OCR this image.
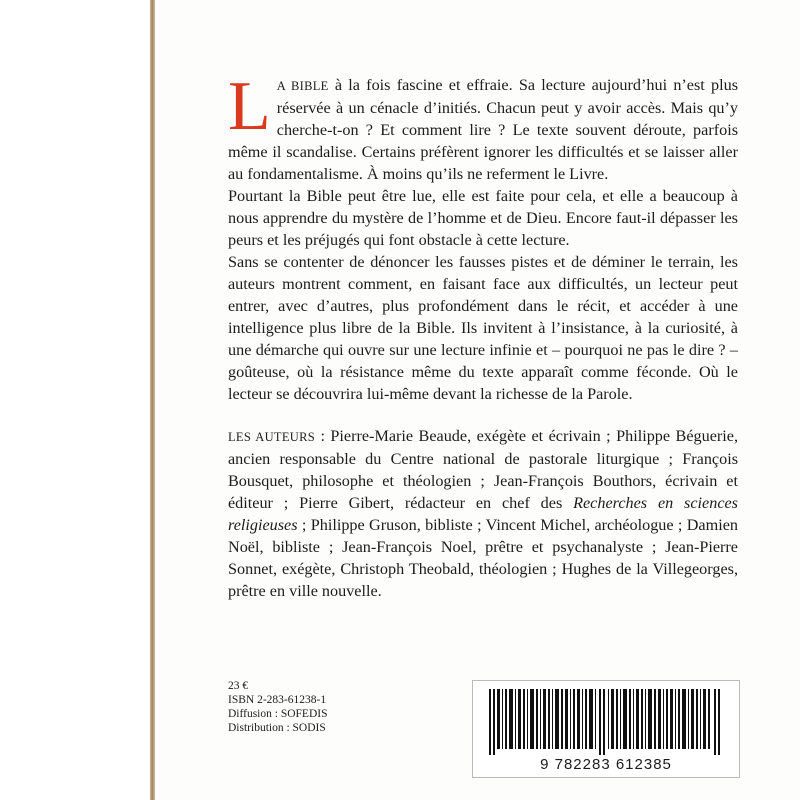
L A BIBLE à la fois fascine et effraie. Sa lecture aujourd’hui n’est plus réservée à un cénacle d’initiés. Chacun peut y avoir accès. Mais qu’y cherche-t-on ? Et comment lire ? Le texte souvent déroute, parfois même il scandalise. Certains préfèrent ignorer les difficultés et se laisser aller au fondamentalisme. À moins qu’ils ne referment le Livre.

Pourtant la Bible peut être lue, elle est faite pour cela, et elle a beaucoup à nous apprendre du mystère de l’homme et de Dieu. Encore faut-il dépasser les peurs et les préjugés qui font obstacle à cette lecture.

Sans se contenter de dénoncer les fausses pistes et de déminer le terrain, les auteurs montrent comment, en faisant face aux difficultés, un lecteur peut entrer, avec d’autres, plus profondément dans le récit, et accéder à une intelligence plus libre de la Bible. Ils invitent à l’insistance, à la curiosité, à une démarche qui ouvre sur une lecture infinie et – pourquoi ne pas le dire ? – goûteuse, où la résistance même du texte apparaît comme féconde. Où le lecteur se découvrira lui-même devant la richesse de la Parole.

LES AUTEURS : Pierre-Marie Beaude, exégète et écrivain ; Philippe Béguerie, ancien responsable du Centre national de pastorale liturgique ; François Bousquet, philosophe et théologien ; Jean-François Bouthors, écrivain et éditeur ; Pierre Gibert, rédacteur en chef des Recherches en sciences religieuses ; Philippe Gruson, bibliste ; Vincent Michel, archéologue ; Damien Noël, bibliste ; Jean-François Noel, prêtre et psychanalyste ; Jean-Pierre Sonnet, exégète, Christoph Theobald, théologien ; Hughes de la Villegeorges, prêtre en ville nouvelle.

23 €
ISBN 2-283-61238-1
Diffusion : SOFEDIS
Distribution : SODIS
9 782283 612385
